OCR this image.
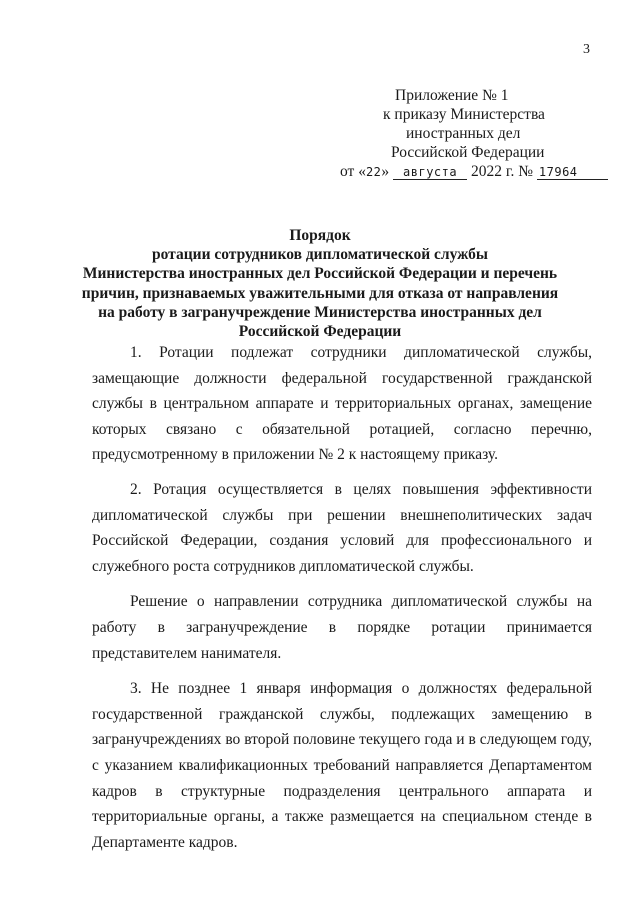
3
Приложение № 1
к приказу Министерства
иностранных дел
Российской Федерации
от «22» августа 2022 г. № 17964
Порядок
ротации сотрудников дипломатической службы
Министерства иностранных дел Российской Федерации и перечень
причин, признаваемых уважительными для отказа от направления
на работу в загранучреждение Министерства иностранных дел
Российской Федерации

1. Ротации подлежат сотрудники дипломатической службы, замещающие должности федеральной государственной гражданской службы в центральном аппарате и территориальных органах, замещение которых связано с обязательной ротацией, согласно перечню, предусмотренному в приложении № 2 к настоящему приказу.

2. Ротация осуществляется в целях повышения эффективности дипломатической службы при решении внешнеполитических задач Российской Федерации, создания условий для профессионального и служебного роста сотрудников дипломатической службы.

Решение о направлении сотрудника дипломатической службы на работу в загранучреждение в порядке ротации принимается представителем нанимателя.

3. Не позднее 1 января информация о должностях федеральной государственной гражданской службы, подлежащих замещению в загранучреждениях во второй половине текущего года и в следующем году, с указанием квалификационных требований направляется Департаментом кадров в структурные подразделения центрального аппарата и территориальные органы, а также размещается на специальном стенде в Департаменте кадров.
